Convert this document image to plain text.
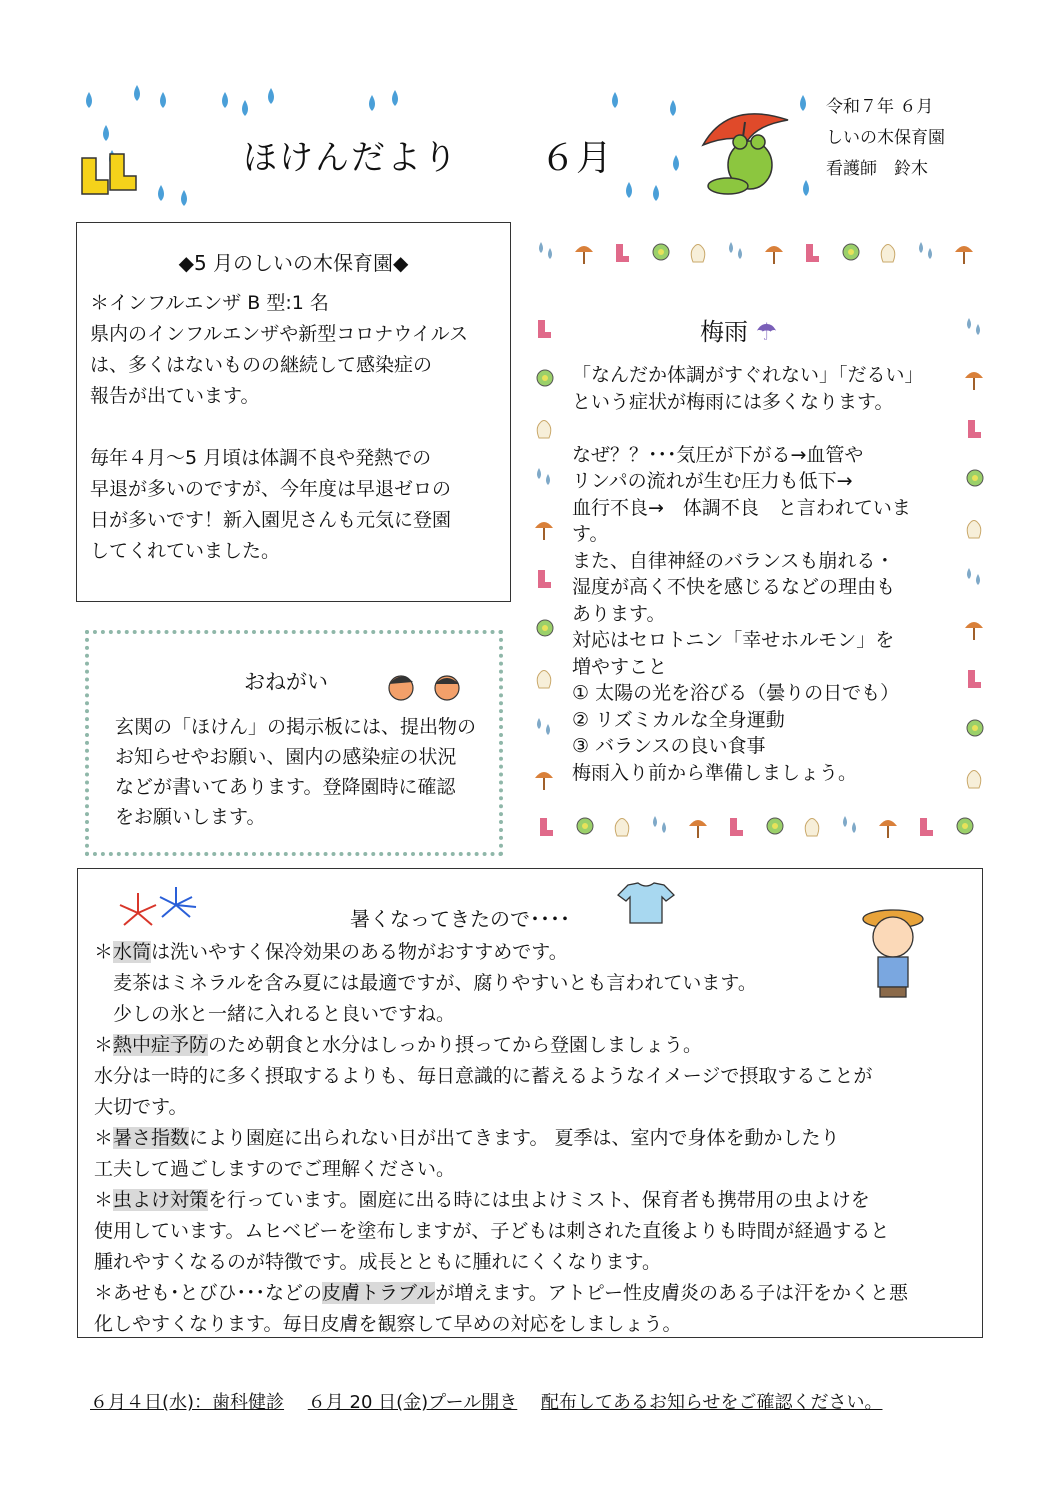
ほけんだより ６月
令和７年 ６月
しいの木保育園
看護師　鈴木
◆5 月のしいの木保育園◆
＊インフルエンザ B 型:1 名
県内のインフルエンザや新型コロナウイルス
は、多くはないものの継続して感染症の
報告が出ています。

毎年４月～5 月頃は体調不良や発熱での
早退が多いのですが、今年度は早退ゼロの
日が多いです！新入園児さんも元気に登園
してくれていました。
おねがい
玄関の「ほけん」の掲示板には、提出物の
お知らせやお願い、園内の感染症の状況
などが書いてあります。登降園時に確認
をお願いします。
梅雨 ☂
「なんだか体調がすぐれない」「だるい」
という症状が梅雨には多くなります。

なぜ？？･･･気圧が下がる→血管や
リンパの流れが生む圧力も低下→
血行不良→　体調不良　と言われていま
す。
また、自律神経のバランスも崩れる・
湿度が高く不快を感じるなどの理由も
あります。
対応はセロトニン「幸せホルモン」を
増やすこと
① 太陽の光を浴びる（曇りの日でも）
② リズミカルな全身運動
③ バランスの良い食事
梅雨入り前から準備しましょう。
暑くなってきたので････
＊水筒は洗いやすく保冷効果のある物がおすすめです。
　麦茶はミネラルを含み夏には最適ですが、腐りやすいとも言われています。
　少しの氷と一緒に入れると良いですね。
＊熱中症予防のため朝食と水分はしっかり摂ってから登園しましょう。
水分は一時的に多く摂取するよりも、毎日意識的に蓄えるようなイメージで摂取することが
大切です。
＊暑さ指数により園庭に出られない日が出てきます。 夏季は、室内で身体を動かしたり
工夫して過ごしますのでご理解ください。
＊虫よけ対策を行っています。園庭に出る時には虫よけミスト、保育者も携帯用の虫よけを
使用しています。ムヒベビーを塗布しますが、子どもは刺された直後よりも時間が経過すると
腫れやすくなるのが特徴です。成長とともに腫れにくくなります。
＊あせも･とびひ･･･などの皮膚トラブルが増えます。アトピー性皮膚炎のある子は汗をかくと悪
化しやすくなります。毎日皮膚を観察して早めの対応をしましょう。
６月４日(水)：歯科健診 ６月 20 日(金)プール開き 配布してあるお知らせをご確認ください。
